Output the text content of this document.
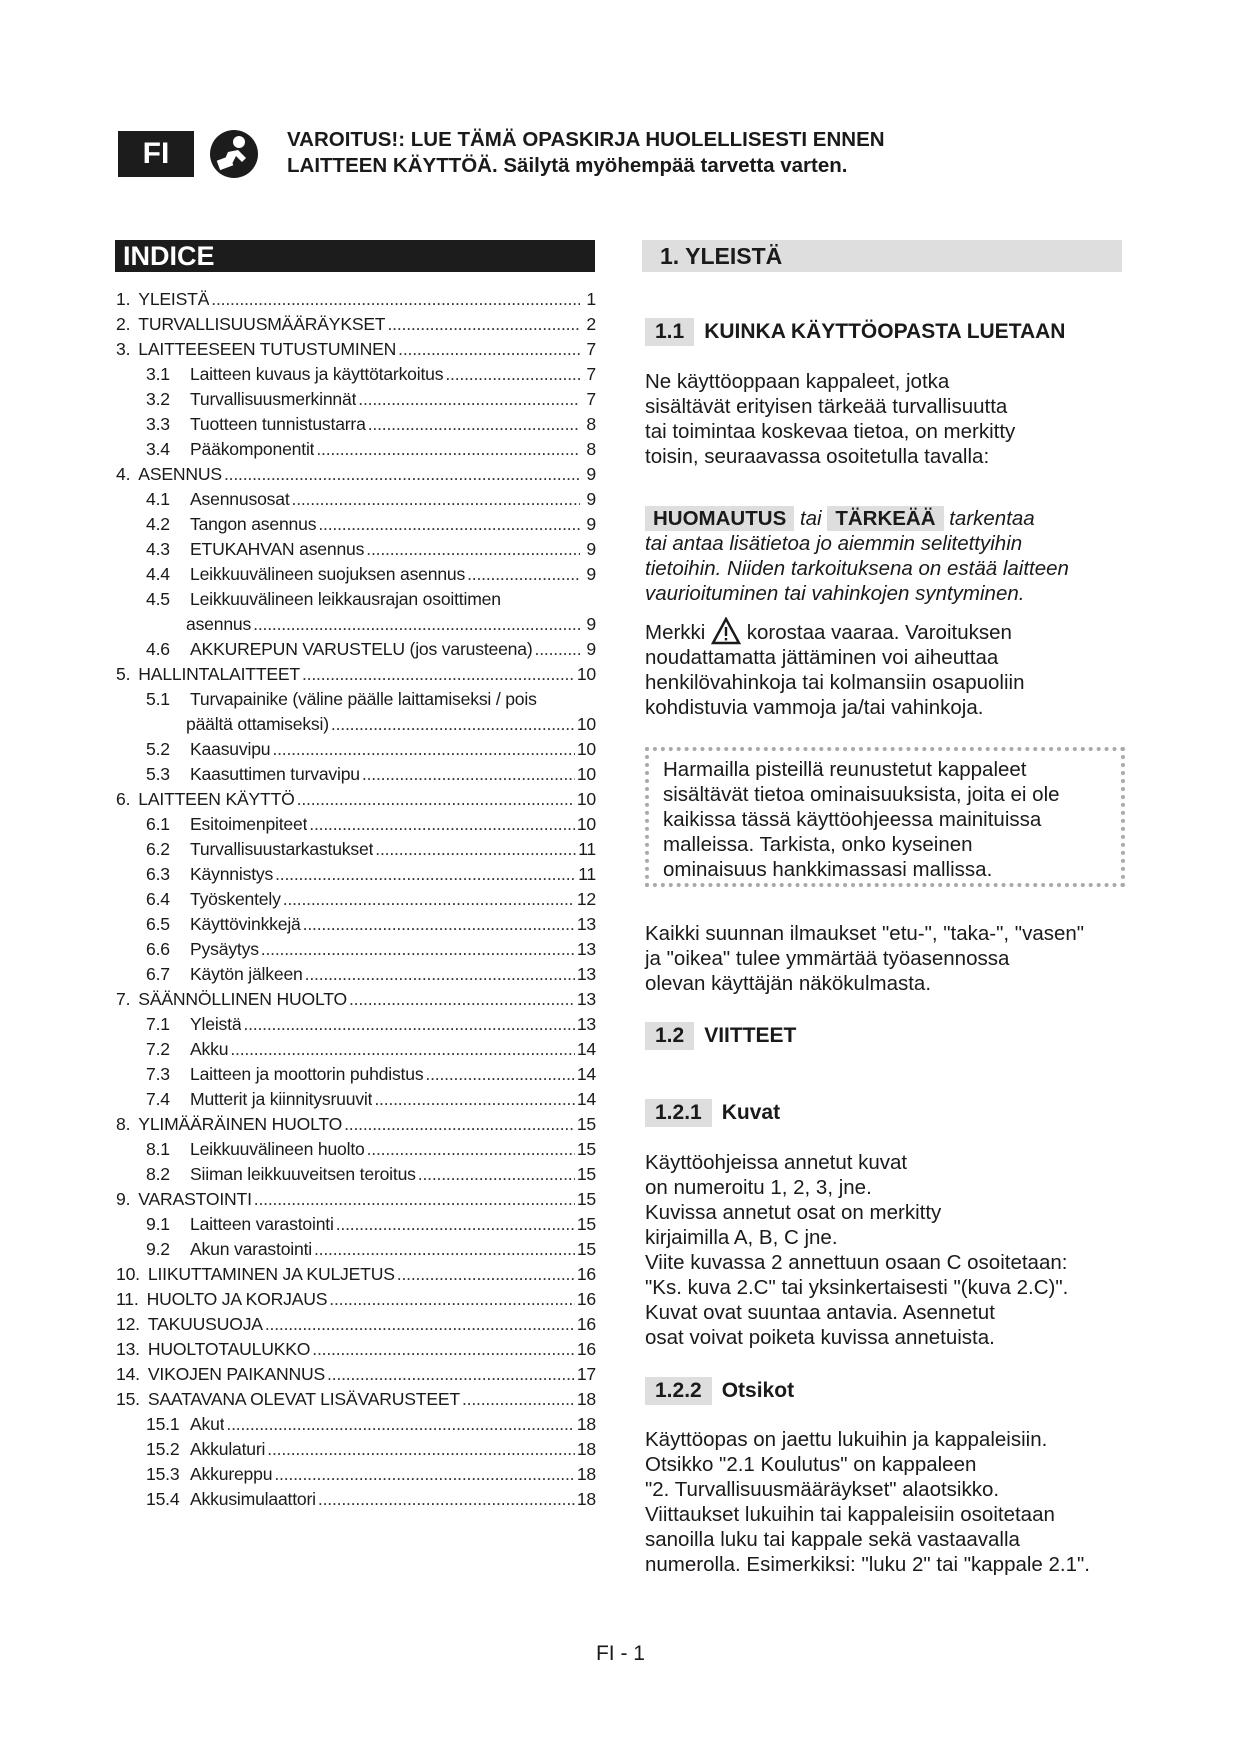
FI	VAROITUS!: LUE TÄMÄ OPASKIRJA HUOLELLISESTI ENNEN
LAITTEEN KÄYTTÖÄ. Säilytä myöhempää tarvetta varten.
INDICE
1. YLEISTÄ .....	1
2. TURVALLISUUSMÄÄRÄYKSET .....	2
3. LAITTEESEEN TUTUSTUMINEN .....	7
3.1	Laitteen kuvaus ja käyttötarkoitus .....	7
3.2	Turvallisuusmerkinnät .....	7
3.3	Tuotteen tunnistustarra .....	8
3.4	Pääkomponentit .....	8
4. ASENNUS .....	9
4.1	Asennusosat .....	9
4.2	Tangon asennus .....	9
4.3	ETUKAHVAN asennus .....	9
4.4	Leikkuuvälineen suojuksen asennus .....	9
4.5	Leikkuuvälineen leikkausrajan osoittimen
asennus .....	9
4.6	AKKUREPUN VARUSTELU (jos varusteena) .....	9
5. HALLINTALAITTEET .....	10
5.1	Turvapainike (väline päälle laittamiseksi / pois
päältä ottamiseksi) .....	10
5.2	Kaasuvipu .....	10
5.3	Kaasuttimen turvavipu .....	10
6. LAITTEEN KÄYTTÖ .....	10
6.1	Esitoimenpiteet .....	10
6.2	Turvallisuustarkastukset .....	11
6.3	Käynnistys .....	11
6.4	Työskentely .....	12
6.5	Käyttövinkkejä .....	13
6.6	Pysäytys .....	13
6.7	Käytön jälkeen .....	13
7. SÄÄNNÖLLINEN HUOLTO .....	13
7.1	Yleistä .....	13
7.2	Akku .....	14
7.3	Laitteen ja moottorin puhdistus .....	14
7.4	Mutterit ja kiinnitysruuvit .....	14
8. YLIMÄÄRÄINEN HUOLTO .....	15
8.1	Leikkuuvälineen huolto .....	15
8.2	Siiman leikkuuveitsen teroitus .....	15
9. VARASTOINTI .....	15
9.1	Laitteen varastointi .....	15
9.2	Akun varastointi .....	15
10. LIIKUTTAMINEN JA KULJETUS .....	16
11. HUOLTO JA KORJAUS .....	16
12. TAKUUSUOJA .....	16
13. HUOLTOTAULUKKO .....	16
14. VIKOJEN PAIKANNUS .....	17
15. SAATAVANA OLEVAT LISÄVARUSTEET .....	18
15.1 Akut .....	18
15.2 Akkulaturi .....	18
15.3 Akkureppu .....	18
15.4 Akkusimulaattori .....	18
1. YLEISTÄ
1.1 KUINKA KÄYTTÖOPASTA LUETAAN
Ne käyttöoppaan kappaleet, jotka
sisältävät erityisen tärkeää turvallisuutta
tai toimintaa koskevaa tietoa, on merkitty
toisin, seuraavassa osoitetulla tavalla:
HUOMAUTUS tai TÄRKEÄÄ tarkentaa
tai antaa lisätietoa jo aiemmin selitettyihin
tietoihin. Niiden tarkoituksena on estää laitteen
vaurioituminen tai vahinkojen syntyminen.
Merkki korostaa vaaraa. Varoituksen
noudattamatta jättäminen voi aiheuttaa
henkilövahinkoja tai kolmansiin osapuoliin
kohdistuvia vammoja ja/tai vahinkoja.
Harmailla pisteillä reunustetut kappaleet
sisältävät tietoa ominaisuuksista, joita ei ole
kaikissa tässä käyttöohjeessa mainituissa
malleissa. Tarkista, onko kyseinen
ominaisuus hankkimassasi mallissa.
Kaikki suunnan ilmaukset "etu-", "taka-", "vasen"
ja "oikea" tulee ymmärtää työasennossa
olevan käyttäjän näkökulmasta.
1.2 VIITTEET
1.2.1 Kuvat
Käyttöohjeissa annetut kuvat
on numeroitu 1, 2, 3, jne.
Kuvissa annetut osat on merkitty
kirjaimilla A, B, C jne.
Viite kuvassa 2 annettuun osaan C osoitetaan:
"Ks. kuva 2.C" tai yksinkertaisesti "(kuva 2.C)".
Kuvat ovat suuntaa antavia. Asennetut
osat voivat poiketa kuvissa annetuista.
1.2.2 Otsikot
Käyttöopas on jaettu lukuihin ja kappaleisiin.
Otsikko "2.1 Koulutus" on kappaleen
"2. Turvallisuusmääräykset" alaotsikko.
Viittaukset lukuihin tai kappaleisiin osoitetaan
sanoilla luku tai kappale sekä vastaavalla
numerolla. Esimerkiksi: "luku 2" tai "kappale 2.1".
FI - 1
